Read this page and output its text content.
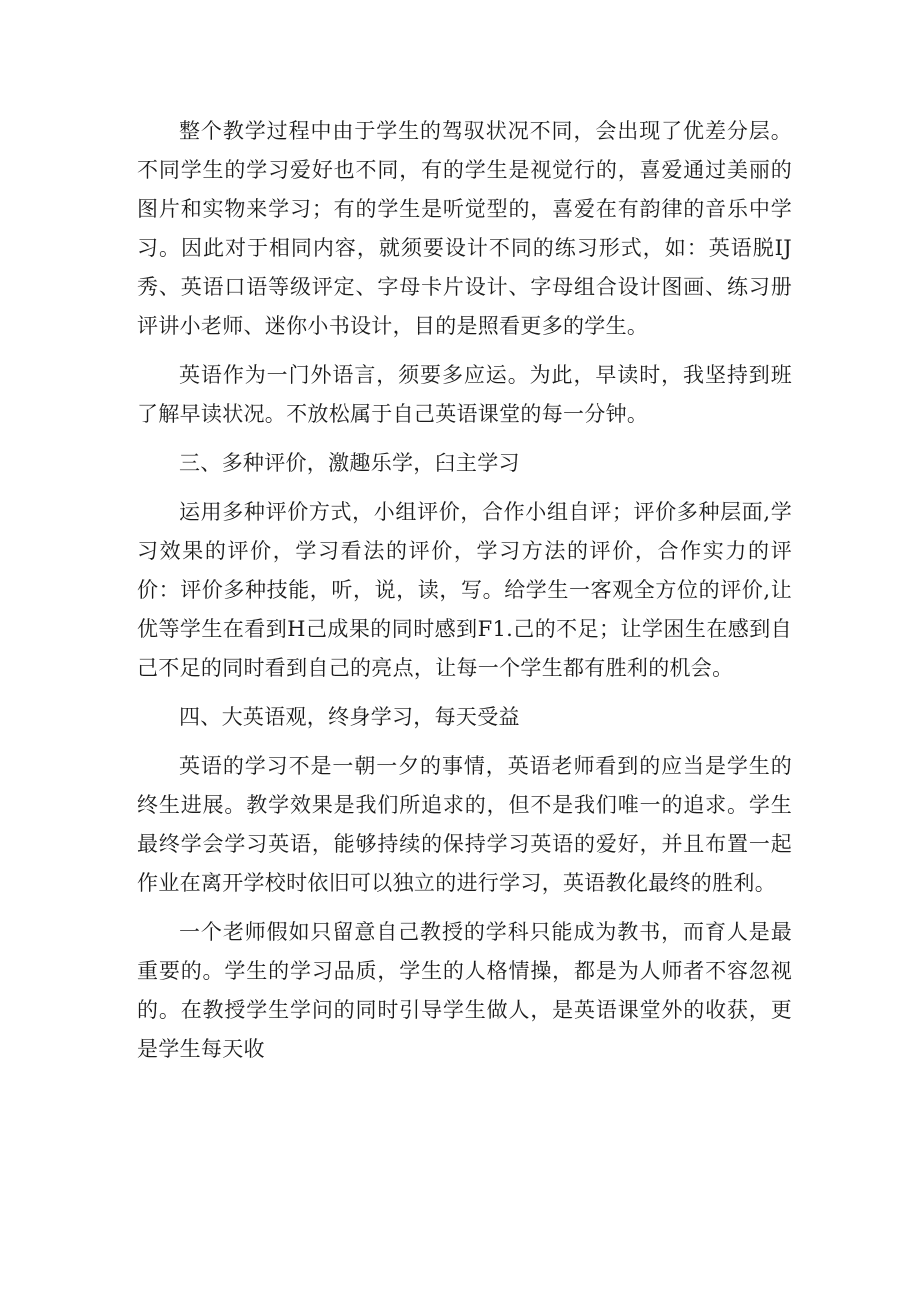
整个教学过程中由于学生的驾驭状况不同，会出现了优差分层。不同学生的学习爱好也不同，有的学生是视觉行的，喜爱通过美丽的图片和实物来学习；有的学生是听觉型的，喜爱在有韵律的音乐中学习。因此对于相同内容，就须要设计不同的练习形式，如：英语脱IJ秀、英语口语等级评定、字母卡片设计、字母组合设计图画、练习册评讲小老师、迷你小书设计，目的是照看更多的学生。

英语作为一门外语言，须要多应运。为此，早读时，我坚持到班了解早读状况。不放松属于自己英语课堂的每一分钟。

三、多种评价，激趣乐学，臼主学习

运用多种评价方式，小组评价，合作小组自评；评价多种层面,学习效果的评价，学习看法的评价，学习方法的评价，合作实力的评价：评价多种技能，听，说，读，写。给学生一客观全方位的评价,让优等学生在看到H己成果的同时感到F1.己的不足；让学困生在感到自己不足的同时看到自己的亮点，让每一个学生都有胜利的机会。

四、大英语观，终身学习，每天受益

英语的学习不是一朝一夕的事情，英语老师看到的应当是学生的终生进展。教学效果是我们所追求的，但不是我们唯一的追求。学生最终学会学习英语，能够持续的保持学习英语的爱好，并且布置一起作业在离开学校时依旧可以独立的进行学习，英语教化最终的胜利。

一个老师假如只留意自己教授的学科只能成为教书，而育人是最重要的。学生的学习品质，学生的人格情操，都是为人师者不容忽视的。在教授学生学问的同时引导学生做人，是英语课堂外的收获，更是学生每天收
